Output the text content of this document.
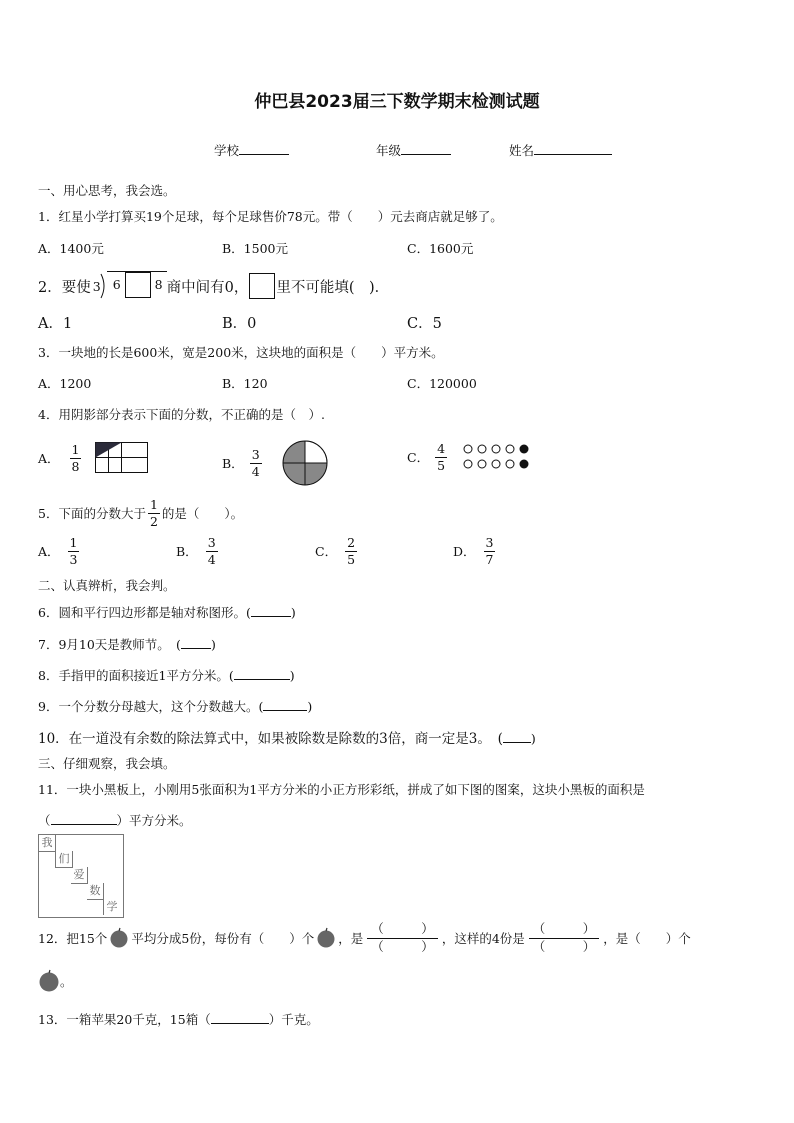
仲巴县2023届三下数学期末检测试题
学校	年级	姓名
一、用心思考，我会选。
1．红星小学打算买19个足球，每个足球售价78元。带（　　）元去商店就足够了。
A．1400元	B．1500元	C．1600元
2．要使 3 6	8 商中间有0， 里不可能填(　)．
A．1	B．0	C．5
3．一块地的长是600米，宽是200米，这块地的面积是（　　）平方米。
A．1200	B．120	C．120000
4．用阴影部分表示下面的分数，不正确的是（　）.
A． $\frac{1}{8}$	B． $\frac{3}{4}$	C． $\frac{4}{5}$
5．下面的分数大于 $\frac{1}{2}$ 的是（　　）。
A． $\frac{1}{3}$	B． $\frac{3}{4}$	C． $\frac{2}{5}$	D． $\frac{3}{7}$
二、认真辨析，我会判。
6．圆和平行四边形都是轴对称图形。(	)
7．9月10天是教师节。　( )
8．手指甲的面积接近1平方分米。(	)
9．一个分数分母越大，这个分数越大。(	)
10．在一道没有余数的除法算式中，如果被除数是除数的3倍，商一定是3。　( )
三、仔细观察，我会填。
11．一块小黑板上，小刚用5张面积为1平方分米的小正方形彩纸，拼成了如下图的图案，这块小黑板的面积是
（	）平方分米。
我
们
爱
数
学
12．把15个 平均分成5份，每份有（　　）个 ，是 $\frac{( )}{( )}$ ，这样的4份是 $\frac{( )}{( )}$ ，是（　　）个
。
13．一箱苹果20千克，15箱（	）千克。
